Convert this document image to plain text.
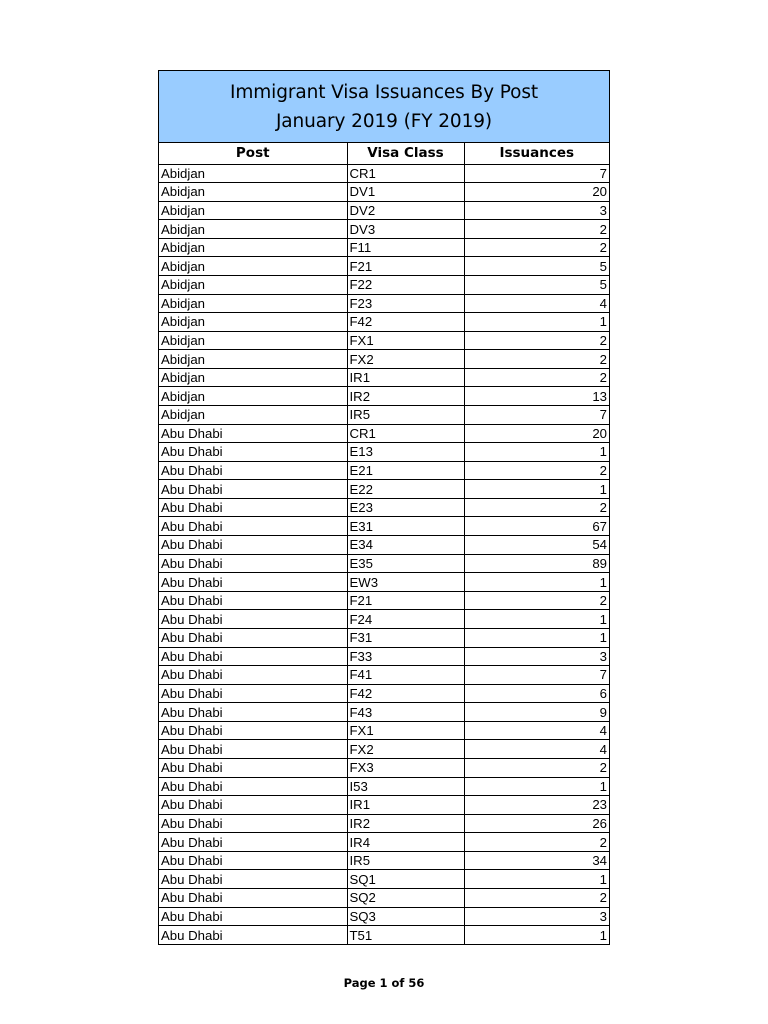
Immigrant Visa Issuances By Post
January 2019 (FY 2019)
Post	Visa Class	Issuances
Abidjan	CR1	7
Abidjan	DV1	20
Abidjan	DV2	3
Abidjan	DV3	2
Abidjan	F11	2
Abidjan	F21	5
Abidjan	F22	5
Abidjan	F23	4
Abidjan	F42	1
Abidjan	FX1	2
Abidjan	FX2	2
Abidjan	IR1	2
Abidjan	IR2	13
Abidjan	IR5	7
Abu Dhabi	CR1	20
Abu Dhabi	E13	1
Abu Dhabi	E21	2
Abu Dhabi	E22	1
Abu Dhabi	E23	2
Abu Dhabi	E31	67
Abu Dhabi	E34	54
Abu Dhabi	E35	89
Abu Dhabi	EW3	1
Abu Dhabi	F21	2
Abu Dhabi	F24	1
Abu Dhabi	F31	1
Abu Dhabi	F33	3
Abu Dhabi	F41	7
Abu Dhabi	F42	6
Abu Dhabi	F43	9
Abu Dhabi	FX1	4
Abu Dhabi	FX2	4
Abu Dhabi	FX3	2
Abu Dhabi	I53	1
Abu Dhabi	IR1	23
Abu Dhabi	IR2	26
Abu Dhabi	IR4	2
Abu Dhabi	IR5	34
Abu Dhabi	SQ1	1
Abu Dhabi	SQ2	2
Abu Dhabi	SQ3	3
Abu Dhabi	T51	1
Page 1 of 56
